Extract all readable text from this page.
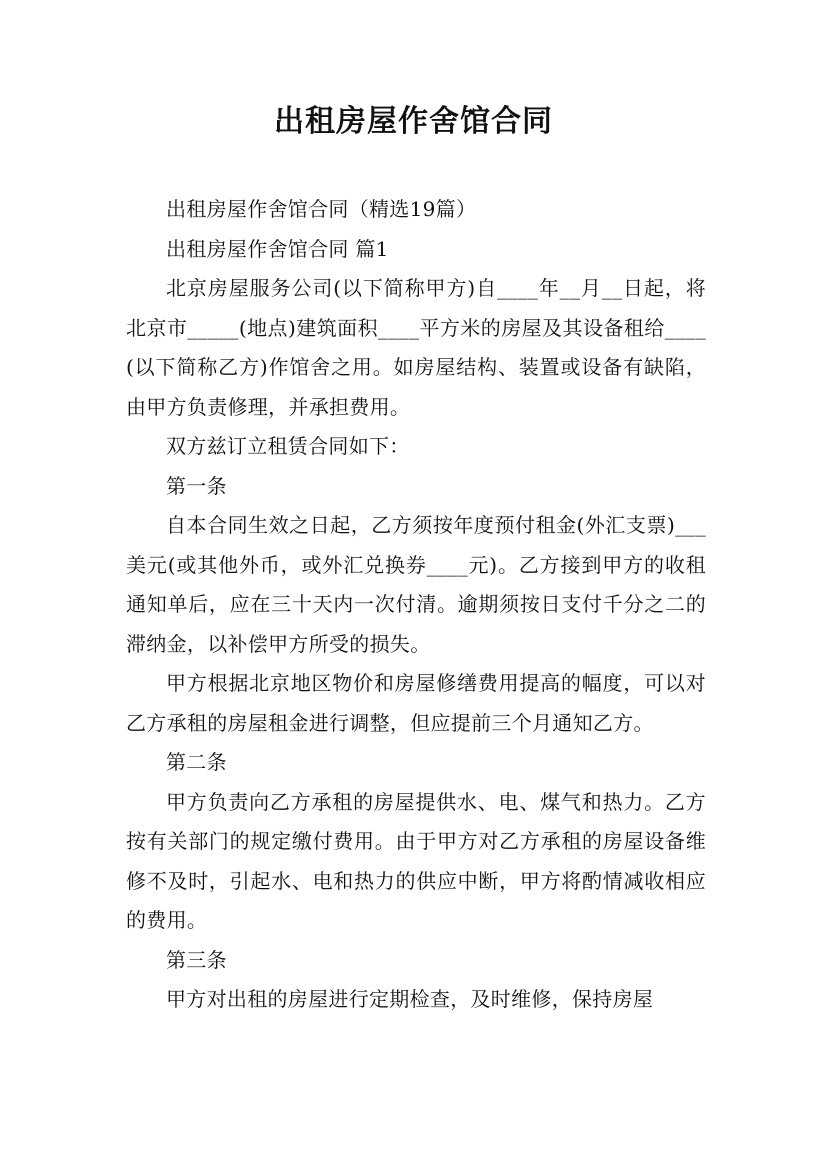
出租房屋作舍馆合同

出租房屋作舍馆合同（精选19篇）

出租房屋作舍馆合同 篇1

北京房屋服务公司(以下简称甲方)自____年__月__日起，将北京市_____(地点)建筑面积____平方米的房屋及其设备租给____(以下简称乙方)作馆舍之用。如房屋结构、装置或设备有缺陷，由甲方负责修理，并承担费用。

双方兹订立租赁合同如下：

第一条

自本合同生效之日起，乙方须按年度预付租金(外汇支票)___美元(或其他外币，或外汇兑换券____元)。乙方接到甲方的收租通知单后，应在三十天内一次付清。逾期须按日支付千分之二的滞纳金，以补偿甲方所受的损失。

甲方根据北京地区物价和房屋修缮费用提高的幅度，可以对乙方承租的房屋租金进行调整，但应提前三个月通知乙方。

第二条

甲方负责向乙方承租的房屋提供水、电、煤气和热力。乙方按有关部门的规定缴付费用。由于甲方对乙方承租的房屋设备维修不及时，引起水、电和热力的供应中断，甲方将酌情减收相应的费用。

第三条

甲方对出租的房屋进行定期检查，及时维修，保持房屋
